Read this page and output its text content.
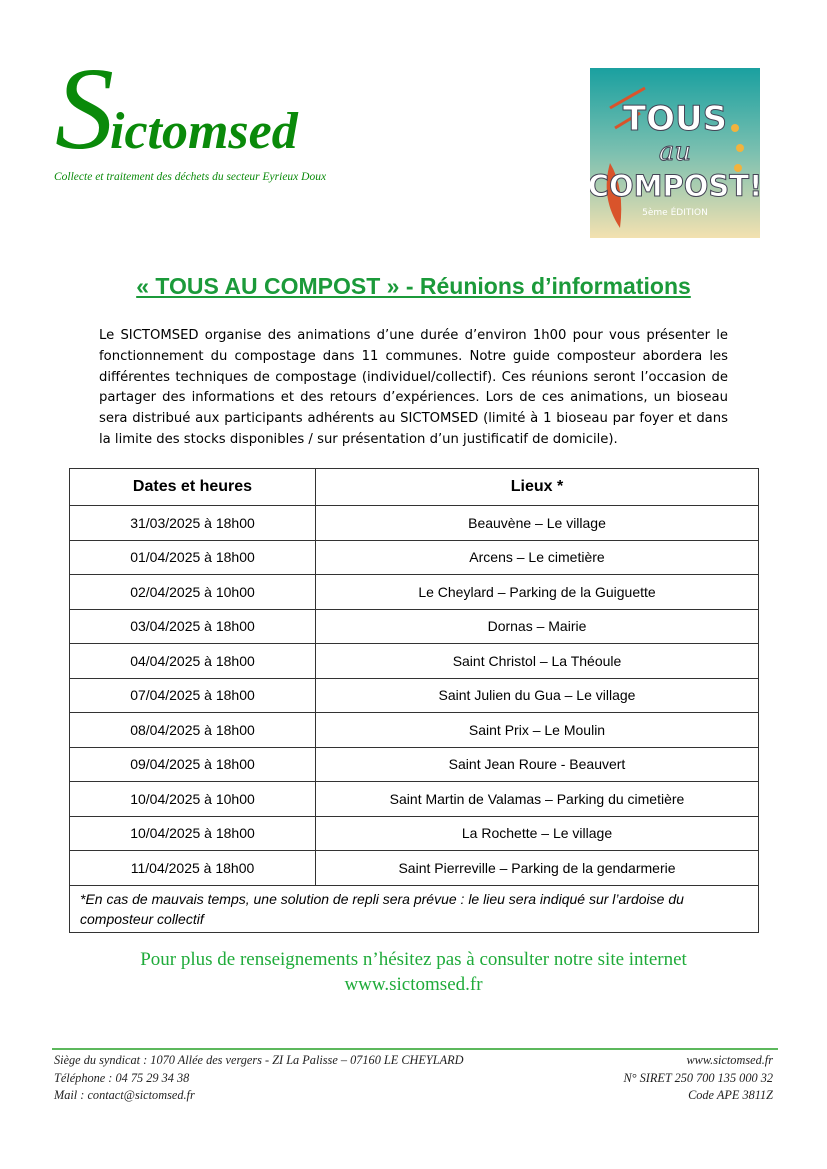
Sictomsed
Collecte et traitement des déchets du secteur Eyrieux Doux
TOUS
au
COMPOST!
5ème ÉDITION
« TOUS AU COMPOST » - Réunions d’informations
Le SICTOMSED organise des animations d’une durée d’environ 1h00 pour vous présenter le fonctionnement du compostage dans 11 communes. Notre guide composteur abordera les différentes techniques de compostage (individuel/collectif). Ces réunions seront l’occasion de partager des informations et des retours d’expériences. Lors de ces animations, un bioseau sera distribué aux participants adhérents au SICTOMSED (limité à 1 bioseau par foyer et dans la limite des stocks disponibles / sur présentation d’un justificatif de domicile).
Dates et heures	Lieux *
31/03/2025 à 18h00	Beauvène – Le village
01/04/2025 à 18h00	Arcens – Le cimetière
02/04/2025 à 10h00	Le Cheylard – Parking de la Guiguette
03/04/2025 à 18h00	Dornas – Mairie
04/04/2025 à 18h00	Saint Christol – La Théoule
07/04/2025 à 18h00	Saint Julien du Gua – Le village
08/04/2025 à 18h00	Saint Prix – Le Moulin
09/04/2025 à 18h00	Saint Jean Roure - Beauvert
10/04/2025 à 10h00	Saint Martin de Valamas – Parking du cimetière
10/04/2025 à 18h00	La Rochette – Le village
11/04/2025 à 18h00	Saint Pierreville – Parking de la gendarmerie
*En cas de mauvais temps, une solution de repli sera prévue : le lieu sera indiqué sur l’ardoise du composteur collectif	
Pour plus de renseignements n’hésitez pas à consulter notre site internet
www.sictomsed.fr
Siège du syndicat : 1070 Allée des vergers - ZI La Palisse – 07160 LE CHEYLARD
Téléphone : 04 75 29 34 38
Mail : contact@sictomsed.fr
www.sictomsed.fr
N° SIRET 250 700 135 000 32
Code APE 3811Z
